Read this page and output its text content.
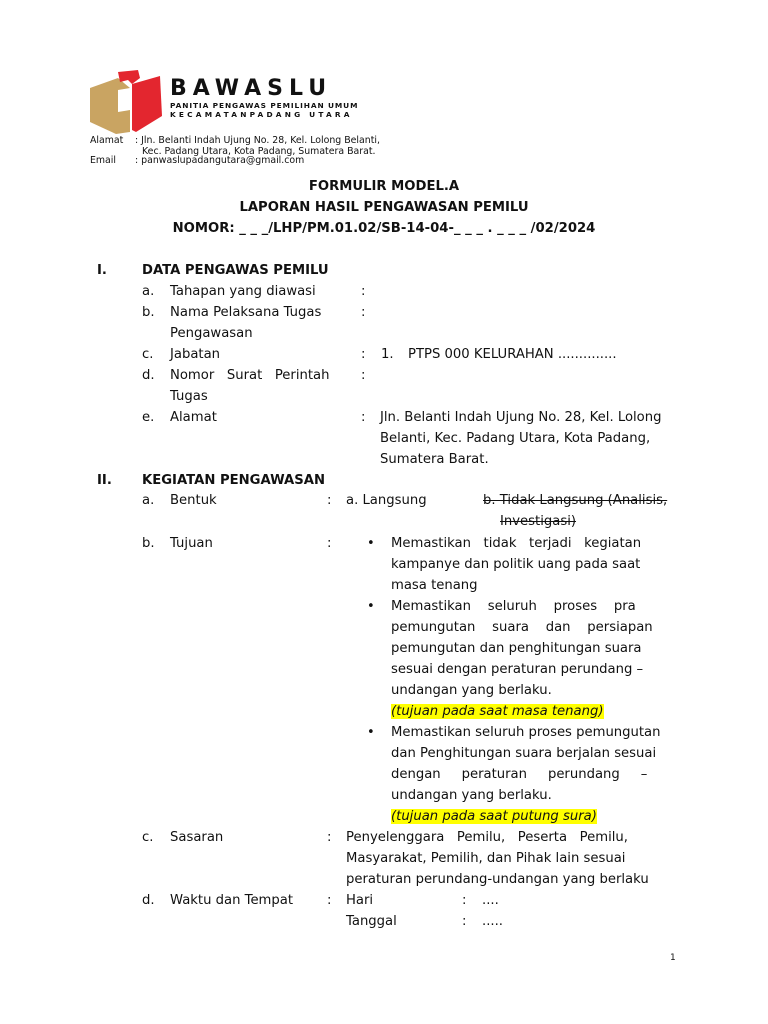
BAWASLU
PANITIA PENGAWAS PEMILIHAN UMUM
KECAMATANPADANG UTARA
Alamat : Jln. Belanti Indah Ujung No. 28, Kel. Lolong Belanti,
Kec. Padang Utara, Kota Padang, Sumatera Barat.
Email : panwaslupadangutara@gmail.com
FORMULIR MODEL.A
LAPORAN HASIL PENGAWASAN PEMILU
NOMOR: _ _ _/LHP/PM.01.02/SB-14-04-_ _ _ . _ _ _ /02/2024
I.	DATA PENGAWAS PEMILU
a. Tahapan yang diawasi	:
b. Nama Pelaksana Tugas
Pengawasan
:
c. Jabatan	: 1. PTPS 000 KELURAHAN ..............
d. Nomor   Surat   Perintah
Tugas
:
e. Alamat	: Jln. Belanti Indah Ujung No. 28, Kel. Lolong
Belanti, Kec. Padang Utara, Kota Padang,
Sumatera Barat.
II. KEGIATAN PENGAWASAN
a. Bentuk	: a. Langsung	b. Tidak Langsung (Analisis,
Investigasi)
b. Tujuan	:	• Memastikan   tidak   terjadi   kegiatan
kampanye dan politik uang pada saat
masa tenang
• Memastikan    seluruh    proses    pra
pemungutan    suara    dan    persiapan
pemungutan dan penghitungan suara
sesuai dengan peraturan perundang –
undangan yang berlaku.
(tujuan pada saat masa tenang)
• Memastikan seluruh proses pemungutan
dan Penghitungan suara berjalan sesuai
dengan     peraturan     perundang     –
undangan yang berlaku.
(tujuan pada saat putung sura)
c. Sasaran	: Penyelenggara   Pemilu,   Peserta   Pemilu,
Masyarakat, Pemilih, dan Pihak lain sesuai
peraturan perundang-undangan yang berlaku
d. Waktu dan Tempat	: Hari	: ....
Tanggal	: .....
1
